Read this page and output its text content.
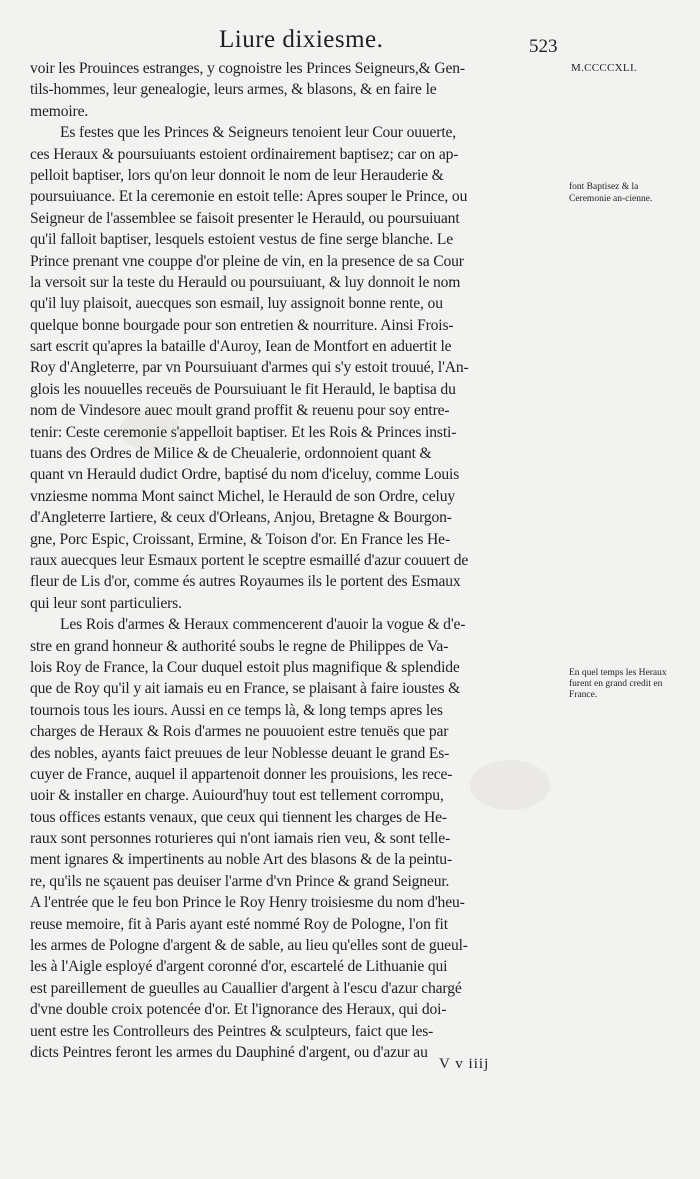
Liure dixiesme.	523
M.CCCCXLI.
voir les Prouinces estranges, y cognoistre les Princes Seigneurs,& Gen-
tils-hommes, leur genealogie, leurs armes, & blasons, & en faire le
memoire.
Es festes que les Princes & Seigneurs tenoient leur Cour ouuerte,
ces Heraux & poursuiuants estoient ordinairement baptisez; car on ap-
pelloit baptiser, lors qu'on leur donnoit le nom de leur Herauderie &
poursuiuance. Et la ceremonie en estoit telle: Apres souper le Prince, ou
Seigneur de l'assemblee se faisoit presenter le Herauld, ou poursuiuant
qu'il falloit baptiser, lesquels estoient vestus de fine serge blanche. Le
Prince prenant vne couppe d'or pleine de vin, en la presence de sa Cour
la versoit sur la teste du Herauld ou poursuiuant, & luy donnoit le nom
qu'il luy plaisoit, auecques son esmail, luy assignoit bonne rente, ou
quelque bonne bourgade pour son entretien & nourriture. Ainsi Frois-
sart escrit qu'apres la bataille d'Auroy, Iean de Montfort en aduertit le
Roy d'Angleterre, par vn Poursuiuant d'armes qui s'y estoit trouué, l'An-
glois les nouuelles receuës de Poursuiuant le fit Herauld, le baptisa du
nom de Vindesore auec moult grand proffit & reuenu pour soy entre-
tenir: Ceste ceremonie s'appelloit baptiser. Et les Rois & Princes insti-
tuans des Ordres de Milice & de Cheualerie, ordonnoient quant &
quant vn Herauld dudict Ordre, baptisé du nom d'iceluy, comme Louis
vnziesme nomma Mont sainct Michel, le Herauld de son Ordre, celuy
d'Angleterre Iartiere, & ceux d'Orleans, Anjou, Bretagne & Bourgon-
gne, Porc Espic, Croissant, Ermine, & Toison d'or. En France les He-
raux auecques leur Esmaux portent le sceptre esmaillé d'azur couuert de
fleur de Lis d'or, comme és autres Royaumes ils le portent des Esmaux
qui leur sont particuliers.
Les Rois d'armes & Heraux commencerent d'auoir la vogue & d'e-
stre en grand honneur & authorité soubs le regne de Philippes de Va-
lois Roy de France, la Cour duquel estoit plus magnifique & splendide
que de Roy qu'il y ait iamais eu en France, se plaisant à faire ioustes &
tournois tous les iours. Aussi en ce temps là, & long temps apres les
charges de Heraux & Rois d'armes ne pouuoient estre tenuës que par
des nobles, ayants faict preuues de leur Noblesse deuant le grand Es-
cuyer de France, auquel il appartenoit donner les prouisions, les rece-
uoir & installer en charge. Auiourd'huy tout est tellement corrompu,
tous offices estants venaux, que ceux qui tiennent les charges de He-
raux sont personnes roturieres qui n'ont iamais rien veu, & sont telle-
ment ignares & impertinents au noble Art des blasons & de la peintu-
re, qu'ils ne sçauent pas deuiser l'arme d'vn Prince & grand Seigneur.
A l'entrée que le feu bon Prince le Roy Henry troisiesme du nom d'heu-
reuse memoire, fit à Paris ayant esté nommé Roy de Pologne, l'on fit
les armes de Pologne d'argent & de sable, au lieu qu'elles sont de gueul-
les à l'Aigle esployé d'argent coronné d'or, escartelé de Lithuanie qui
est pareillement de gueulles au Cauallier d'argent à l'escu d'azur chargé
d'vne double croix potencée d'or. Et l'ignorance des Heraux, qui doi-
uent estre les Controlleurs des Peintres & sculpteurs, faict que les-
dicts Peintres feront les armes du Dauphiné d'argent, ou d'azur au
font Baptisez & la
Ceremonie an-cienne.
En quel temps les Heraux furent en grand credit en France.
V v iiij
